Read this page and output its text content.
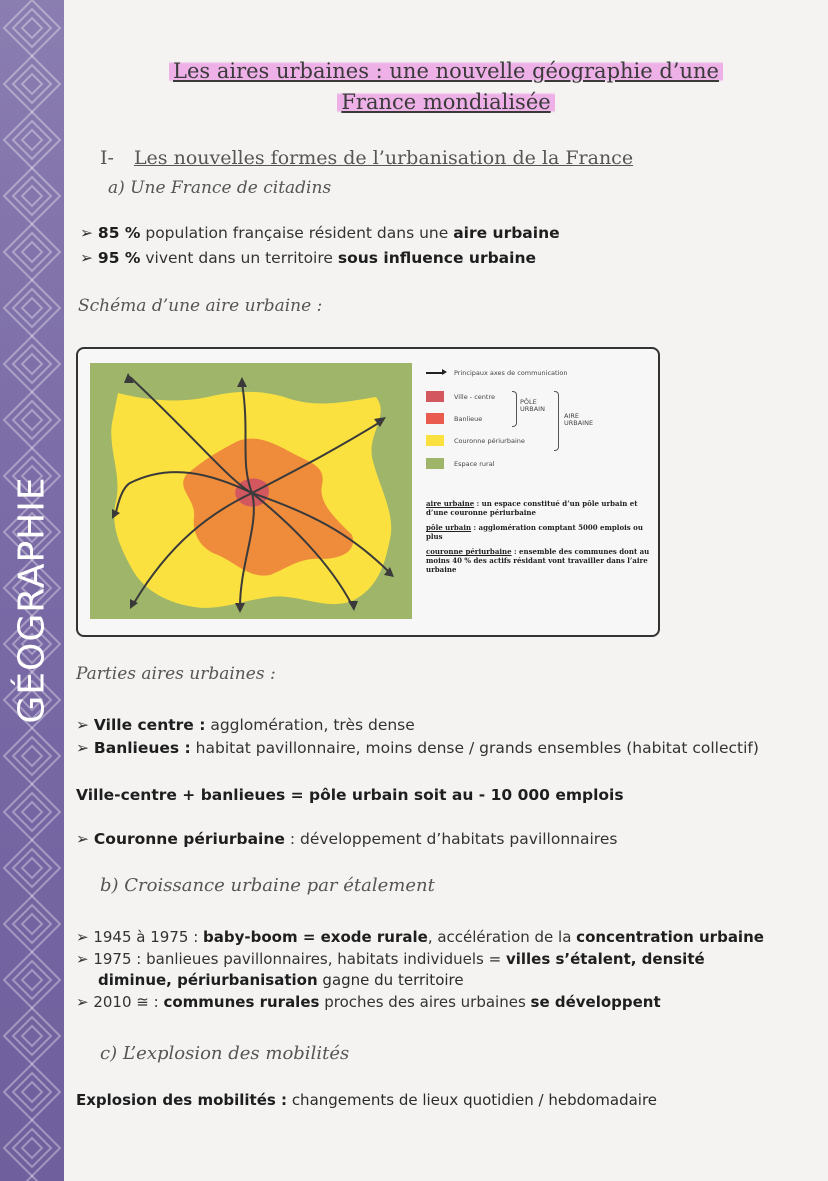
GÉOGRAPHIE
Les aires urbaines : une nouvelle géographie d’une
France mondialisée
I- Les nouvelles formes de l’urbanisation de la France
a) Une France de citadins
➢ 85 % population française résident dans une aire urbaine
➢ 95 % vivent dans un territoire sous influence urbaine
Schéma d’une aire urbaine :
Principaux axes de communication
Ville - centre
Banlieue
Couronne périurbaine
Espace rural
PÔLE
URBAIN
AIRE
URBAINE

aire urbaine : un espace constitué d’un pôle urbain et d’une couronne périurbaine

pôle urbain : agglomération comptant 5000 emplois ou plus

couronne périurbaine : ensemble des communes dont au moins 40 % des actifs résidant vont travailler dans l’aire urbaine

Parties aires urbaines :
➢ Ville centre : agglomération, très dense
➢ Banlieues : habitat pavillonnaire, moins dense / grands ensembles (habitat collectif)
Ville-centre + banlieues = pôle urbain soit au - 10 000 emplois
➢ Couronne périurbaine : développement d’habitats pavillonnaires
b) Croissance urbaine par étalement
➢ 1945 à 1975 : baby-boom = exode rurale, accélération de la concentration urbaine
➢ 1975 : banlieues pavillonnaires, habitats individuels = villes s’étalent, densité
diminue, périurbanisation gagne du territoire
➢ 2010 ≅ : communes rurales proches des aires urbaines se développent
c) L’explosion des mobilités
Explosion des mobilités : changements de lieux quotidien / hebdomadaire
